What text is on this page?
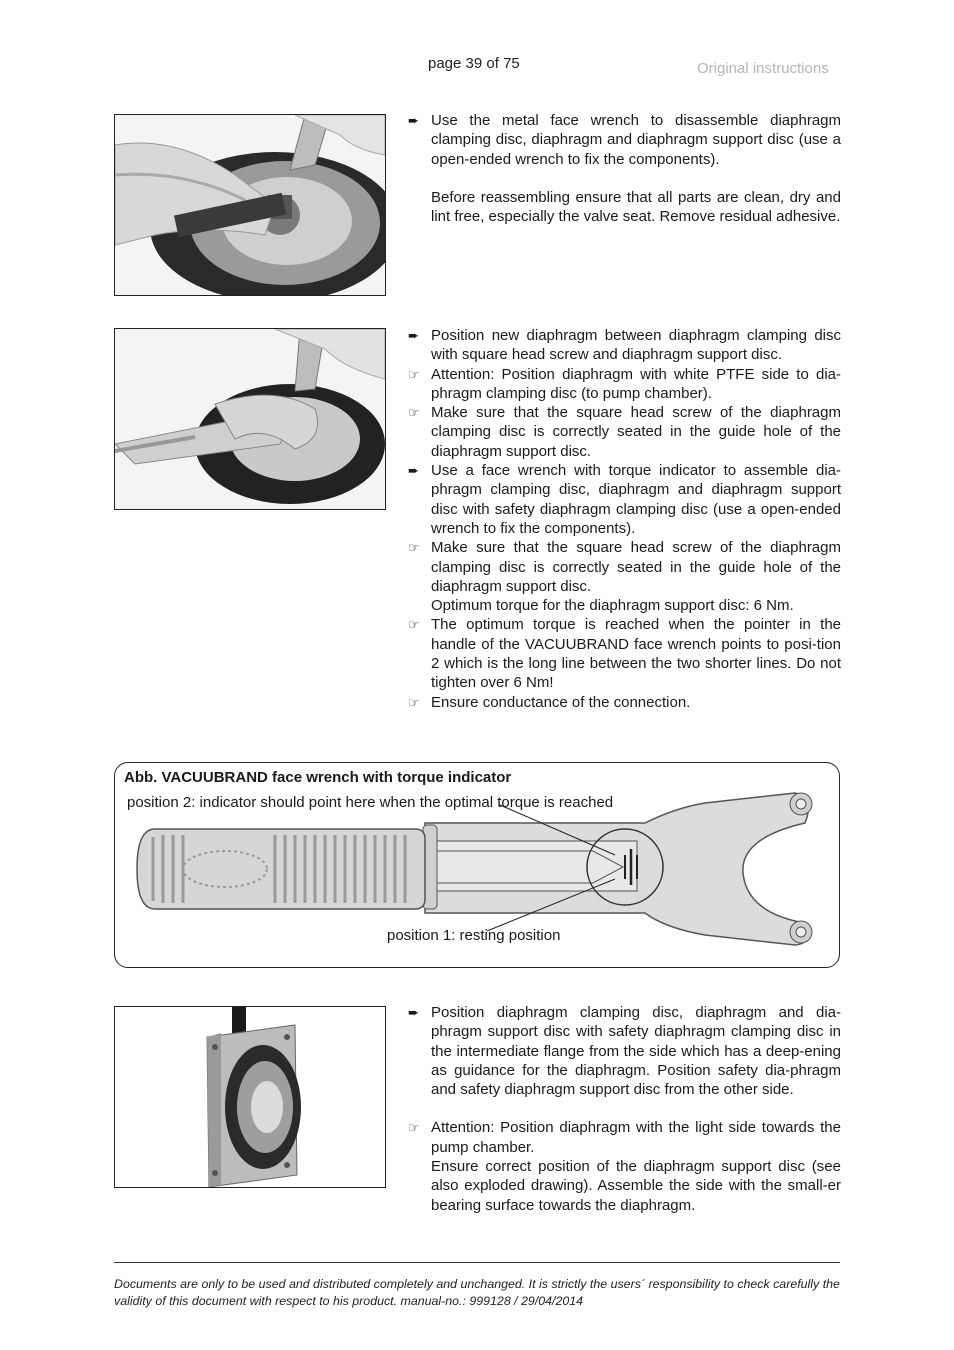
page 39 of 75	Original instructions
➨ Use the metal face wrench to disassemble diaphragm clamping disc, diaphragm and diaphragm support disc (use a open-ended wrench to fix the components).
Before reassembling ensure that all parts are clean, dry and lint free, especially the valve seat. Remove residual adhesive.
➨ Position new diaphragm between diaphragm clamping disc with square head screw and diaphragm support disc.
☞ Attention: Position diaphragm with white PTFE side to dia-phragm clamping disc (to pump chamber).
☞ Make sure that the square head screw of the diaphragm clamping disc is correctly seated in the guide hole of the diaphragm support disc.
➨ Use a face wrench with torque indicator to assemble dia-phragm clamping disc, diaphragm and diaphragm support disc with safety diaphragm clamping disc (use a open-ended wrench to fix the components).
☞ Make sure that the square head screw of the diaphragm clamping disc is correctly seated in the guide hole of the diaphragm support disc.
Optimum torque for the diaphragm support disc: 6 Nm.
☞ The optimum torque is reached when the pointer in the handle of the VACUUBRAND face wrench points to posi-tion 2 which is the long line between the two shorter lines. Do not tighten over 6 Nm!
☞ Ensure conductance of the connection.
Abb. VACUUBRAND face wrench with torque indicator
position 2: indicator should point here when the optimal torque is reached
position 1: resting position
➨ Position diaphragm clamping disc, diaphragm and dia-phragm support disc with safety diaphragm clamping disc in the intermediate flange from the side which has a deep-ening as guidance for the diaphragm. Position safety dia-phragm and safety diaphragm support disc from the other side.
☞ Attention: Position diaphragm with the light side towards the pump chamber.
Ensure correct position of the diaphragm support disc (see also exploded drawing). Assemble the side with the small-er bearing surface towards the diaphragm.
Documents are only to be used and distributed completely and unchanged. It is strictly the users´ responsibility to check carefully the validity of this document with respect to his product. manual-no.: 999128 / 29/04/2014
